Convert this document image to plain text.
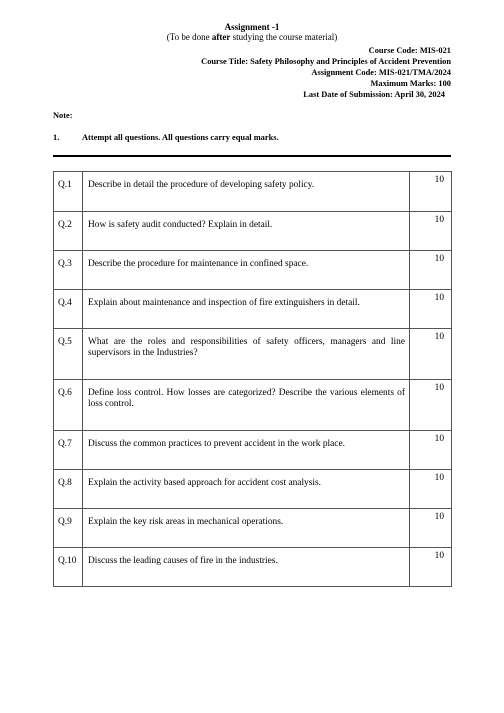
Assignment -1
(To be done after studying the course material)
Course Code: MIS-021
Course Title: Safety Philosophy and Principles of Accident Prevention
Assignment Code: MIS-021/TMA/2024
Maximum Marks: 100
Last Date of Submission: April 30, 2024
Note:
1.	Attempt all questions. All questions carry equal marks.
Q.1	Describe in detail the procedure of developing safety policy.	10
Q.2	How is safety audit conducted? Explain in detail.	10
Q.3	Describe the procedure for maintenance in confined space.	10
Q.4	Explain about maintenance and inspection of fire extinguishers in detail.	10
Q.5	What are the roles and responsibilities of safety officers, managers and line supervisors in the Industries?	10
Q.6	Define loss control. How losses are categorized? Describe the various elements of loss control.	10
Q.7	Discuss the common practices to prevent accident in the work place.	10
Q.8	Explain the activity based approach for accident cost analysis.	10
Q.9	Explain the key risk areas in mechanical operations.	10
Q.10	Discuss the leading causes of fire in the industries.	10
